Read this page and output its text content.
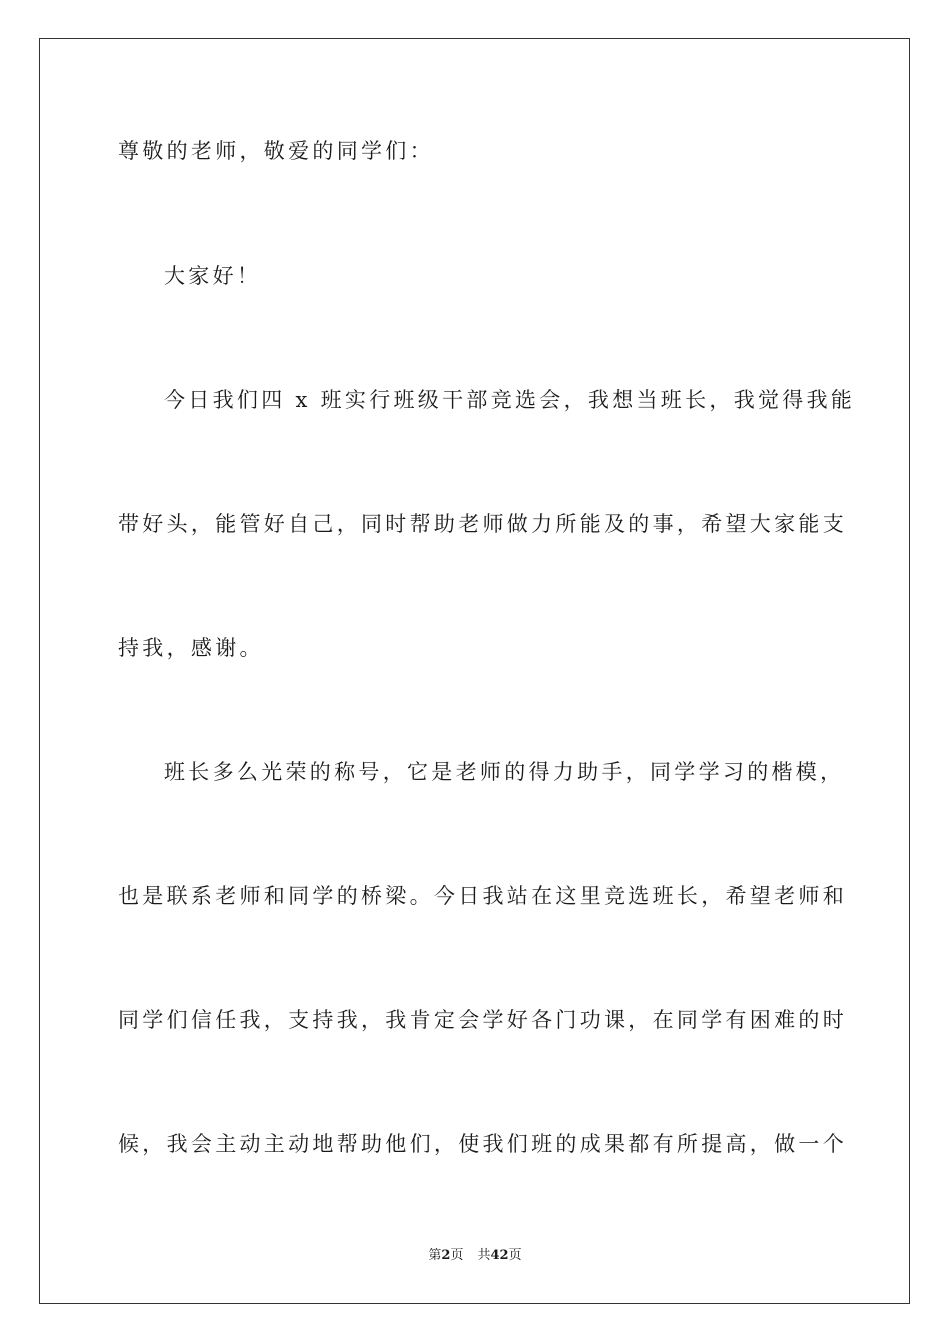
尊敬的老师，敬爱的同学们：
大家好！
今日我们四 x 班实行班级干部竞选会，我想当班长，我觉得我能
带好头，能管好自己，同时帮助老师做力所能及的事，希望大家能支
持我，感谢。
班长多么光荣的称号，它是老师的得力助手，同学学习的楷模，
也是联系老师和同学的桥梁。今日我站在这里竞选班长，希望老师和
同学们信任我，支持我，我肯定会学好各门功课，在同学有困难的时
候，我会主动主动地帮助他们，使我们班的成果都有所提高，做一个
第2页 共42页
